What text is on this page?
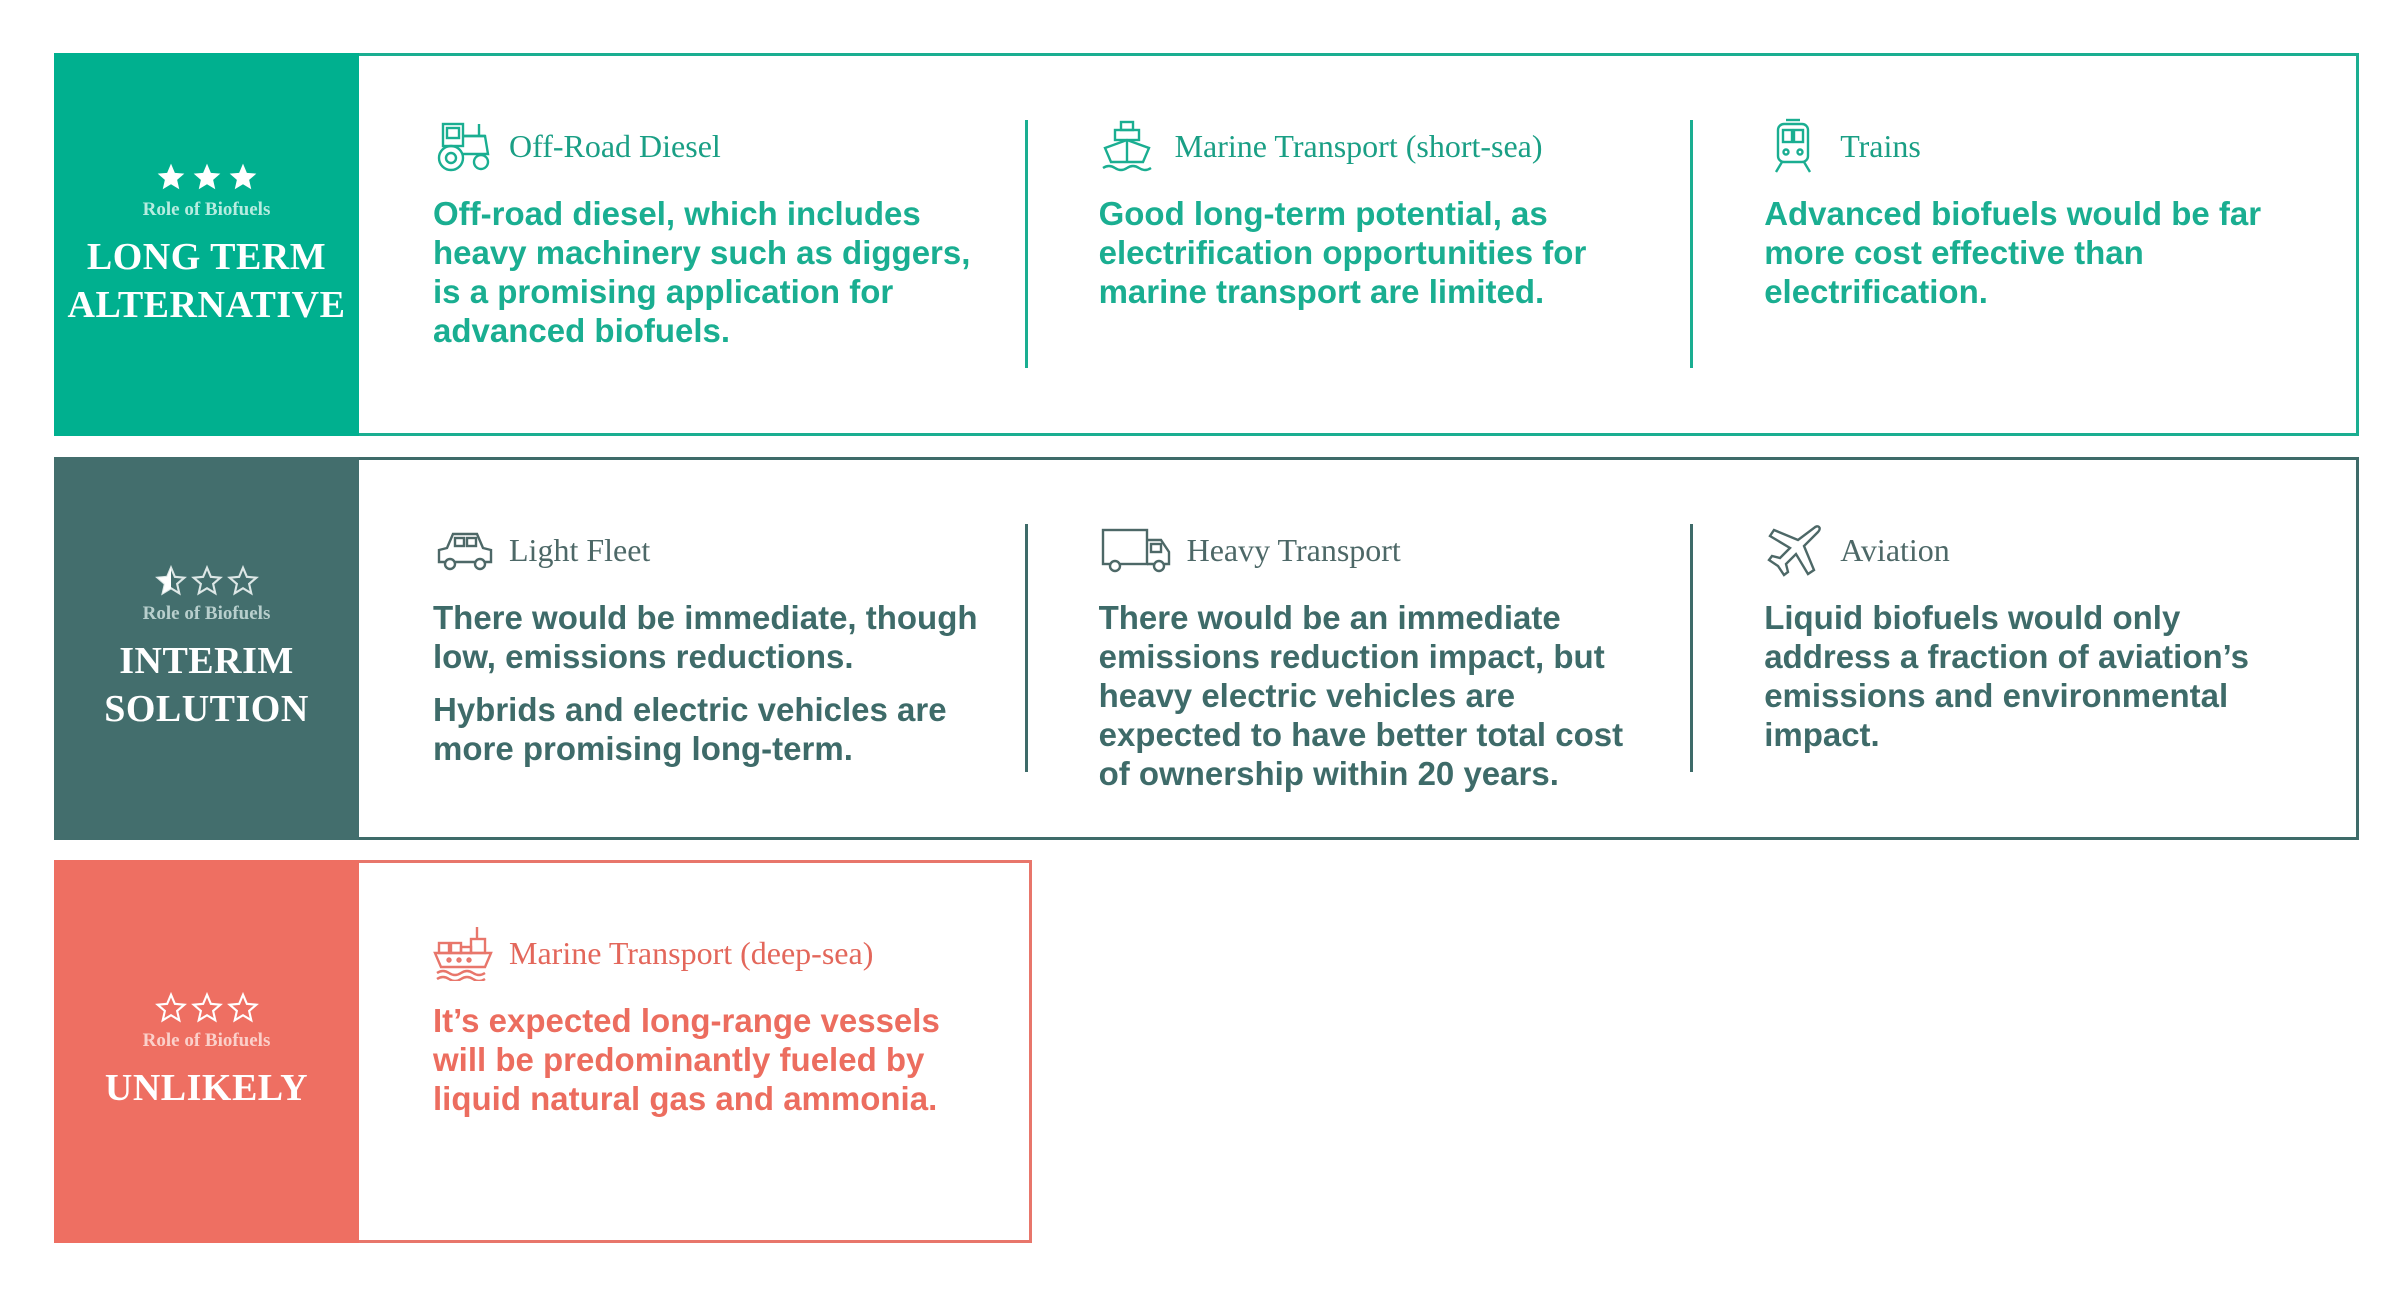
Role of Biofuels
LONG TERM
ALTERNATIVE
Off-Road Diesel

Off-road diesel, which includes heavy machinery such as diggers, is a promising application for advanced biofuels.

Marine Transport (short-sea)

Good long-term potential, as electrification opportunities for marine transport are limited.

Trains

Advanced biofuels would be far more cost effective than electrification.

Role of Biofuels
INTERIM
SOLUTION
Light Fleet

There would be immediate, though low, emissions reductions.

Hybrids and electric vehicles are more promising long-term.

Heavy Transport

There would be an immediate emissions reduction impact, but heavy electric vehicles are expected to have better total cost of ownership within 20 years.

Aviation

Liquid biofuels would only address a fraction of aviation’s emissions and environmental impact.

Role of Biofuels
UNLIKELY
Marine Transport (deep-sea)

It’s expected long-range vessels will be predominantly fueled by liquid natural gas and ammonia.
